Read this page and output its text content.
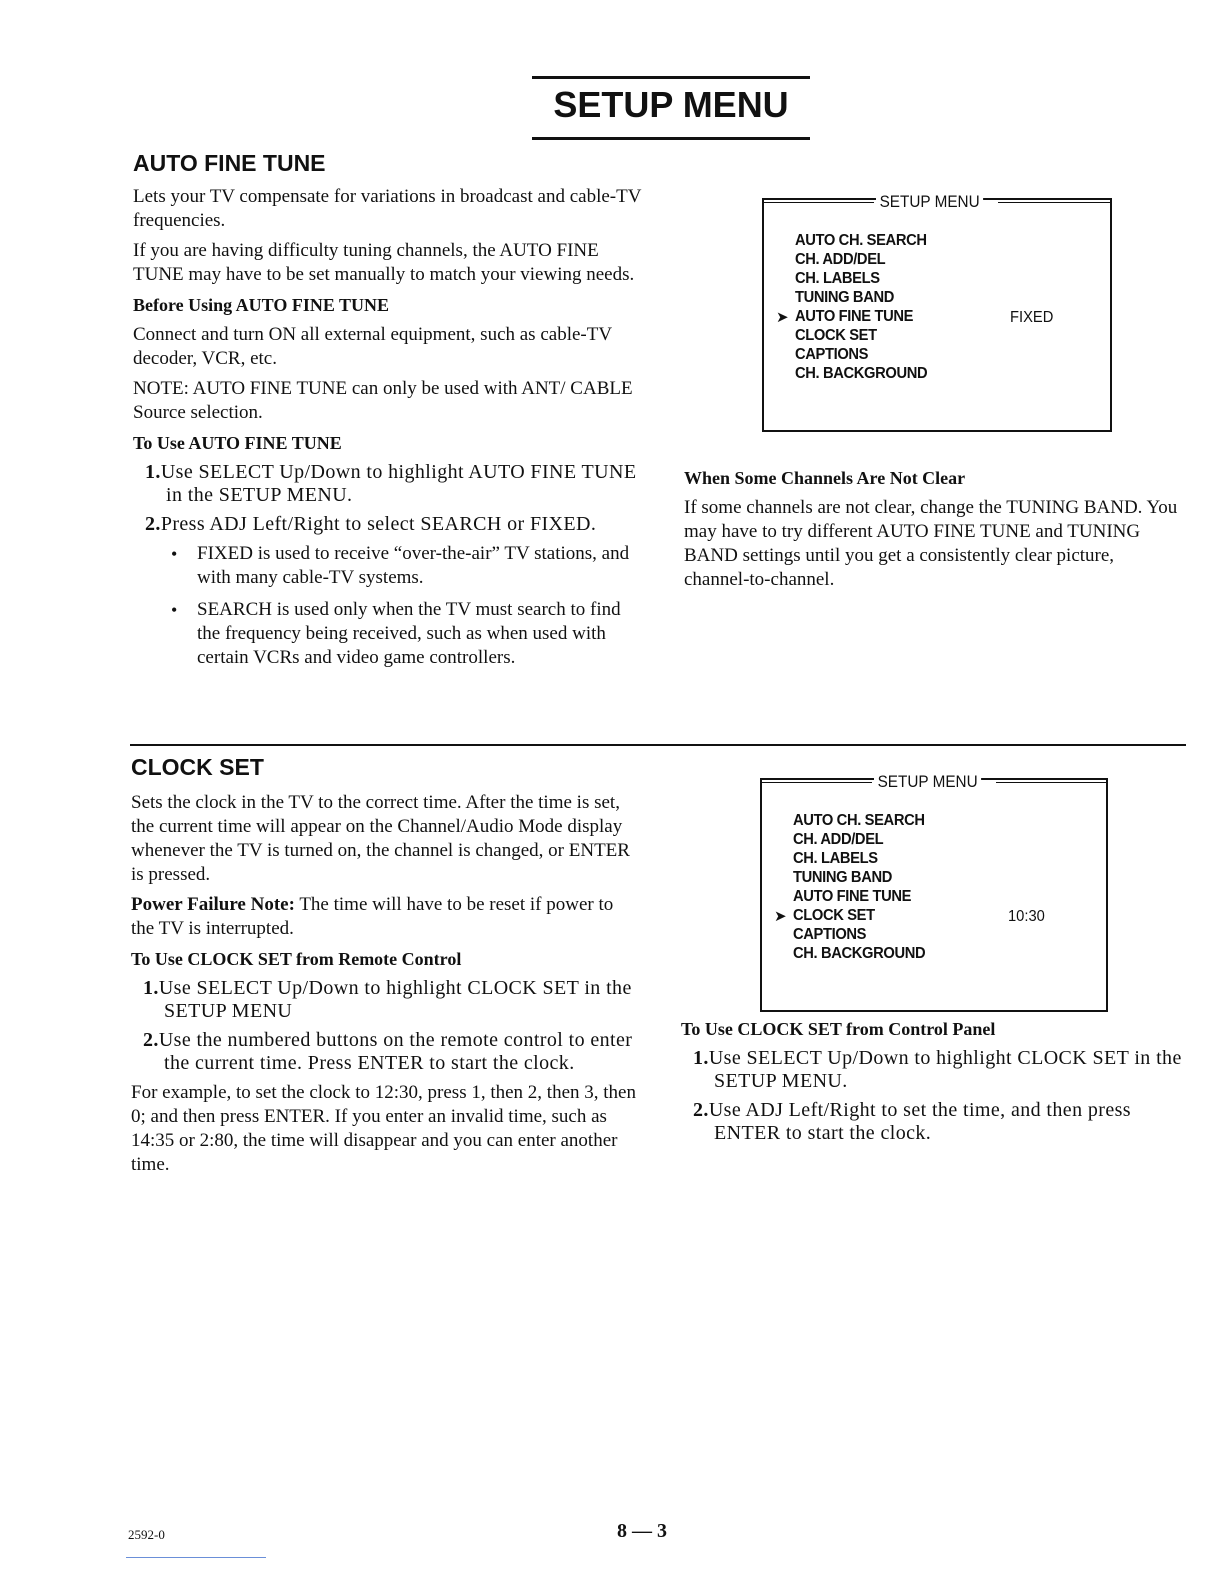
SETUP MENU
AUTO FINE TUNE

Lets your TV compensate for variations in broadcast and cable-TV frequencies.

If you are having difficulty tuning channels, the AUTO FINE TUNE may have to be set manually to match your viewing needs.

Before Using AUTO FINE TUNE

Connect and turn ON all external equipment, such as cable-TV decoder, VCR, etc.

NOTE: AUTO FINE TUNE can only be used with ANT/ CABLE Source selection.

To Use AUTO FINE TUNE

1.Use SELECT Up/Down to highlight AUTO FINE TUNE in the SETUP MENU.

2.Press ADJ Left/Right to select SEARCH or FIXED.

• FIXED is used to receive “over-the-air” TV stations, and with many cable-TV systems.

• SEARCH is used only when the TV must search to find the frequency being received, such as when used with certain VCRs and video game controllers.

SETUP MENU
AUTO CH. SEARCH
CH. ADD/DEL
CH. LABELS
TUNING BAND
➤ AUTO FINE TUNE	FIXED
CLOCK SET
CAPTIONS
CH. BACKGROUND

When Some Channels Are Not Clear

If some channels are not clear, change the TUNING BAND. You may have to try different AUTO FINE TUNE and TUNING BAND settings until you get a consistently clear picture, channel-to-channel.

CLOCK SET

Sets the clock in the TV to the correct time. After the time is set, the current time will appear on the Channel/Audio Mode display whenever the TV is turned on, the channel is changed, or ENTER is pressed.

Power Failure Note: The time will have to be reset if power to the TV is interrupted.

To Use CLOCK SET from Remote Control

1.Use SELECT Up/Down to highlight CLOCK SET in the SETUP MENU

2.Use the numbered buttons on the remote control to enter the current time. Press ENTER to start the clock.

For example, to set the clock to 12:30, press 1, then 2, then 3, then 0; and then press ENTER. If you enter an invalid time, such as 14:35 or 2:80, the time will disappear and you can enter another time.

SETUP MENU
AUTO CH. SEARCH
CH. ADD/DEL
CH. LABELS
TUNING BAND
AUTO FINE TUNE
➤ CLOCK SET	10:30
CAPTIONS
CH. BACKGROUND

To Use CLOCK SET from Control Panel

1.Use SELECT Up/Down to highlight CLOCK SET in the SETUP MENU.

2.Use ADJ Left/Right to set the time, and then press ENTER to start the clock.

2592-0	8 — 3
